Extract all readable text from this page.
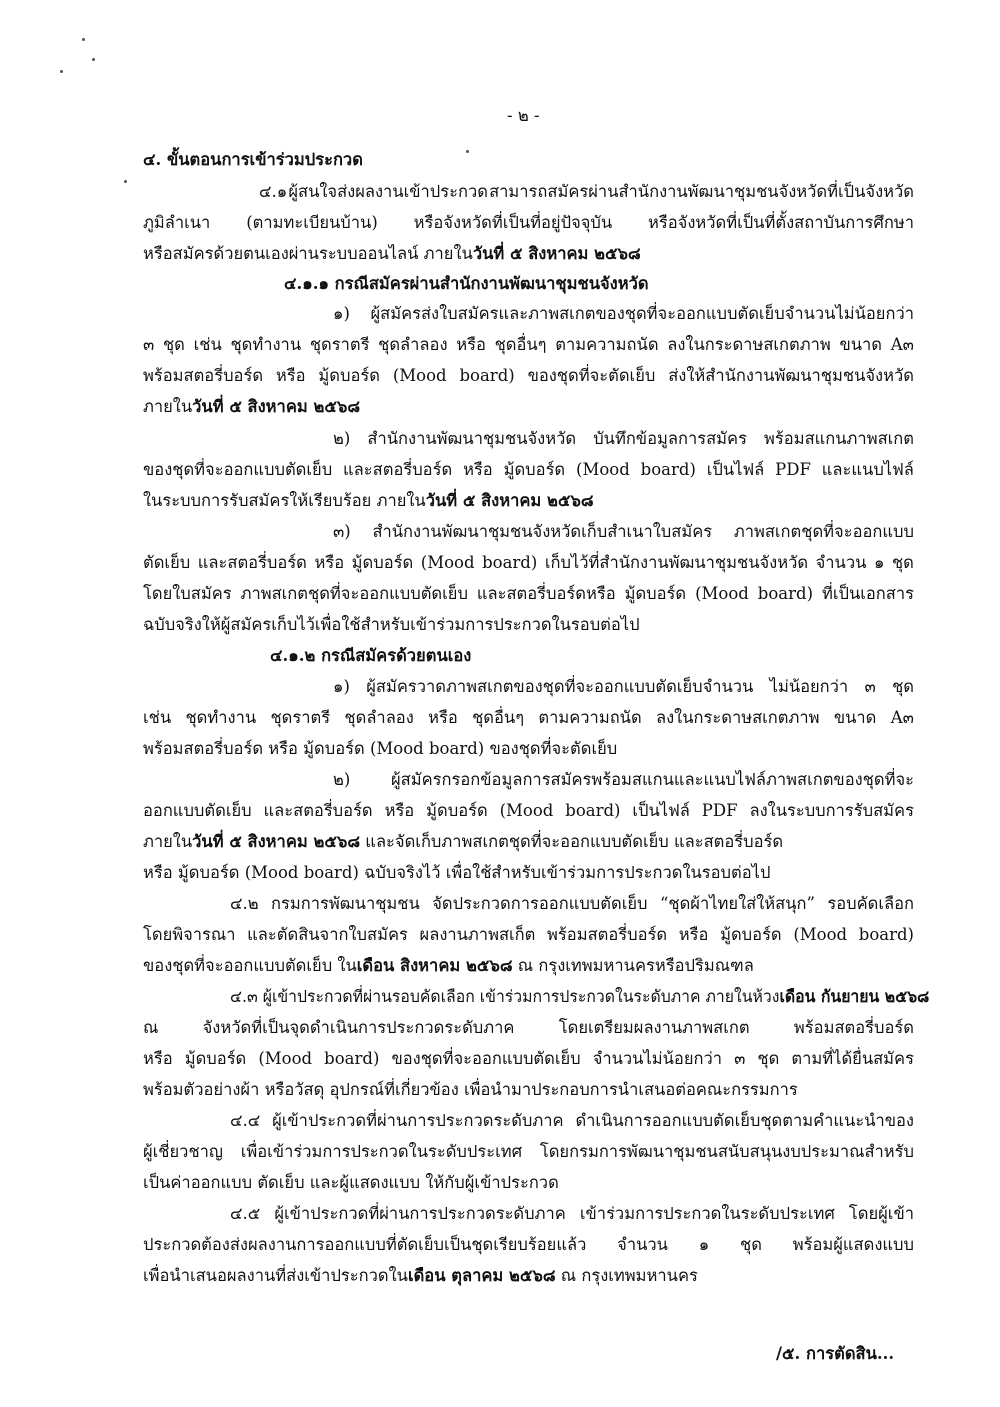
- ๒ -
๔. ขั้นตอนการเข้าร่วมประกวด
๔.๑ ผู้สนใจส่งผลงานเข้าประกวด สามารถสมัครผ่านสำนักงานพัฒนาชุมชนจังหวัดที่เป็นจังหวัด
ภูมิลำเนา (ตามทะเบียนบ้าน) หรือจังหวัดที่เป็นที่อยู่ปัจจุบัน หรือจังหวัดที่เป็นที่ตั้งสถาบันการศึกษา
หรือสมัครด้วยตนเองผ่านระบบออนไลน์ ภายในวันที่ ๕ สิงหาคม ๒๕๖๘
๔.๑.๑ กรณีสมัครผ่านสำนักงานพัฒนาชุมชนจังหวัด
๑) ผู้สมัครส่งใบสมัครและภาพสเกตของชุดที่จะออกแบบตัดเย็บจำนวนไม่น้อยกว่า
๓ ชุด เช่น ชุดทำงาน ชุดราตรี ชุดลำลอง หรือ ชุดอื่นๆ ตามความถนัด ลงในกระดาษสเกตภาพ ขนาด A๓
พร้อมสตอรี่บอร์ด หรือ มู้ดบอร์ด (Mood board) ของชุดที่จะตัดเย็บ ส่งให้สำนักงานพัฒนาชุมชนจังหวัด
ภายในวันที่ ๕ สิงหาคม ๒๕๖๘
๒) สำนักงานพัฒนาชุมชนจังหวัด บันทึกข้อมูลการสมัคร พร้อมสแกนภาพสเกต
ของชุดที่จะออกแบบตัดเย็บ และสตอรี่บอร์ด หรือ มู้ดบอร์ด (Mood board) เป็นไฟล์ PDF และแนบไฟล์
ในระบบการรับสมัครให้เรียบร้อย ภายในวันที่ ๕ สิงหาคม ๒๕๖๘
๓) สำนักงานพัฒนาชุมชนจังหวัดเก็บสำเนาใบสมัคร ภาพสเกตชุดที่จะออกแบบ
ตัดเย็บ และสตอรี่บอร์ด หรือ มู้ดบอร์ด (Mood board) เก็บไว้ที่สำนักงานพัฒนาชุมชนจังหวัด จำนวน ๑ ชุด
โดยใบสมัคร ภาพสเกตชุดที่จะออกแบบตัดเย็บ และสตอรี่บอร์ดหรือ มู้ดบอร์ด (Mood board) ที่เป็นเอกสาร
ฉบับจริงให้ผู้สมัครเก็บไว้เพื่อใช้สำหรับเข้าร่วมการประกวดในรอบต่อไป
๔.๑.๒ กรณีสมัครด้วยตนเอง
๑) ผู้สมัครวาดภาพสเกตของชุดที่จะออกแบบตัดเย็บจำนวน ไม่น้อยกว่า ๓ ชุด
เช่น ชุดทำงาน ชุดราตรี ชุดลำลอง หรือ ชุดอื่นๆ ตามความถนัด ลงในกระดาษสเกตภาพ ขนาด A๓
พร้อมสตอรี่บอร์ด หรือ มู้ดบอร์ด (Mood board) ของชุดที่จะตัดเย็บ
๒) ผู้สมัครกรอกข้อมูลการสมัครพร้อมสแกนและแนบไฟล์ภาพสเกตของชุดที่จะ
ออกแบบตัดเย็บ และสตอรี่บอร์ด หรือ มู้ดบอร์ด (Mood board) เป็นไฟล์ PDF ลงในระบบการรับสมัคร
ภายในวันที่ ๕ สิงหาคม ๒๕๖๘ และจัดเก็บภาพสเกตชุดที่จะออกแบบตัดเย็บ และสตอรี่บอร์ด
หรือ มู้ดบอร์ด (Mood board) ฉบับจริงไว้ เพื่อใช้สำหรับเข้าร่วมการประกวดในรอบต่อไป
๔.๒ กรมการพัฒนาชุมชน จัดประกวดการออกแบบตัดเย็บ “ชุดผ้าไทยใส่ให้สนุก” รอบคัดเลือก
โดยพิจารณา และตัดสินจากใบสมัคร ผลงานภาพสเก็ต พร้อมสตอรี่บอร์ด หรือ มู้ดบอร์ด (Mood board)
ของชุดที่จะออกแบบตัดเย็บ ในเดือน สิงหาคม ๒๕๖๘ ณ กรุงเทพมหานครหรือปริมณฑล
๔.๓ ผู้เข้าประกวดที่ผ่านรอบคัดเลือก เข้าร่วมการประกวดในระดับภาค ภายในห้วงเดือน กันยายน ๒๕๖๘
ณ	จังหวัดที่เป็นจุดดำเนินการประกวดระดับภาค	โดยเตรียมผลงานภาพสเกต	พร้อมสตอรี่บอร์ด
หรือ มู้ดบอร์ด (Mood board) ของชุดที่จะออกแบบตัดเย็บ จำนวนไม่น้อยกว่า ๓ ชุด ตามที่ได้ยื่นสมัคร
พร้อมตัวอย่างผ้า หรือวัสดุ อุปกรณ์ที่เกี่ยวข้อง เพื่อนำมาประกอบการนำเสนอต่อคณะกรรมการ
๔.๔ ผู้เข้าประกวดที่ผ่านการประกวดระดับภาค ดำเนินการออกแบบตัดเย็บชุดตามคำแนะนำของ
ผู้เชี่ยวชาญ เพื่อเข้าร่วมการประกวดในระดับประเทศ โดยกรมการพัฒนาชุมชนสนับสนุนงบประมาณสำหรับ
เป็นค่าออกแบบ ตัดเย็บ และผู้แสดงแบบ ให้กับผู้เข้าประกวด
๔.๕ ผู้เข้าประกวดที่ผ่านการประกวดระดับภาค เข้าร่วมการประกวดในระดับประเทศ โดยผู้เข้า
ประกวดต้องส่งผลงานการออกแบบที่ตัดเย็บเป็นชุดเรียบร้อยแล้ว จำนวน ๑ ชุด พร้อมผู้แสดงแบบ
เพื่อนำเสนอผลงานที่ส่งเข้าประกวดในเดือน ตุลาคม ๒๕๖๘ ณ กรุงเทพมหานคร
/๕. การตัดสิน...
